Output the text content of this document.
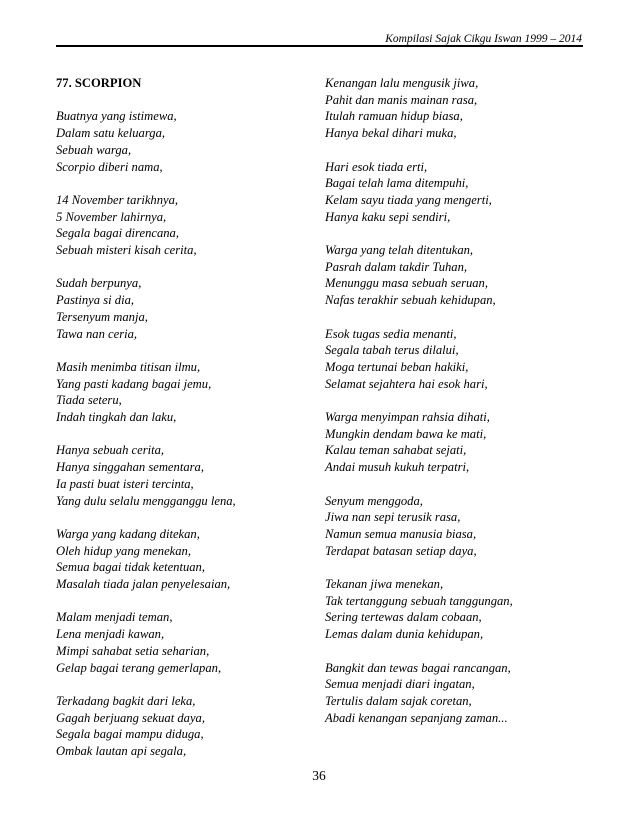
Kompilasi Sajak Cikgu Iswan 1999 – 2014
77. SCORPION
Buatnya yang istimewa,
Dalam satu keluarga,
Sebuah warga,
Scorpio diberi nama,
14 November tarikhnya,
5 November lahirnya,
Segala bagai direncana,
Sebuah misteri kisah cerita,
Sudah berpunya,
Pastinya si dia,
Tersenyum manja,
Tawa nan ceria,
Masih menimba titisan ilmu,
Yang pasti kadang bagai jemu,
Tiada seteru,
Indah tingkah dan laku,
Hanya sebuah cerita,
Hanya singgahan sementara,
Ia pasti buat isteri tercinta,
Yang dulu selalu mengganggu lena,
Warga yang kadang ditekan,
Oleh hidup yang menekan,
Semua bagai tidak ketentuan,
Masalah tiada jalan penyelesaian,
Malam menjadi teman,
Lena menjadi kawan,
Mimpi sahabat setia seharian,
Gelap bagai terang gemerlapan,
Terkadang bagkit dari leka,
Gagah berjuang sekuat daya,
Segala bagai mampu diduga,
Ombak lautan api segala,
Kenangan lalu mengusik jiwa,
Pahit dan manis mainan rasa,
Itulah ramuan hidup biasa,
Hanya bekal dihari muka,
Hari esok tiada erti,
Bagai telah lama ditempuhi,
Kelam sayu tiada yang mengerti,
Hanya kaku sepi sendiri,
Warga yang telah ditentukan,
Pasrah dalam takdir Tuhan,
Menunggu masa sebuah seruan,
Nafas terakhir sebuah kehidupan,
Esok tugas sedia menanti,
Segala tabah terus dilalui,
Moga tertunai beban hakiki,
Selamat sejahtera hai esok hari,
Warga menyimpan rahsia dihati,
Mungkin dendam bawa ke mati,
Kalau teman sahabat sejati,
Andai musuh kukuh terpatri,
Senyum menggoda,
Jiwa nan sepi terusik rasa,
Namun semua manusia biasa,
Terdapat batasan setiap daya,
Tekanan jiwa menekan,
Tak tertanggung sebuah tanggungan,
Sering tertewas dalam cobaan,
Lemas dalam dunia kehidupan,
Bangkit dan tewas bagai rancangan,
Semua menjadi diari ingatan,
Tertulis dalam sajak coretan,
Abadi kenangan sepanjang zaman...
36
